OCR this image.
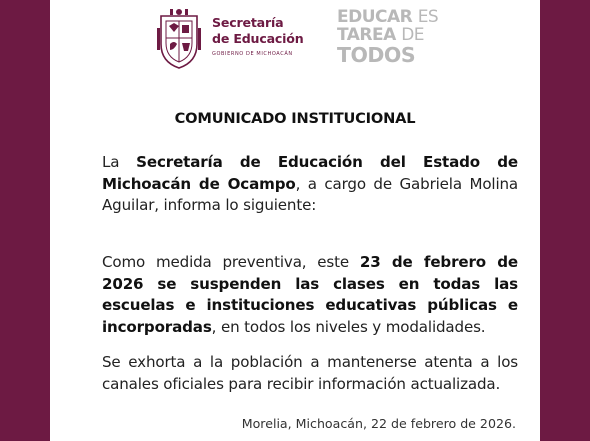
Secretaría
de Educación
GOBIERNO DE MICHOACÁN
EDUCAR ES
TAREA DE
TODOS
COMUNICADO INSTITUCIONAL
La Secretaría de Educación del Estado de Michoacán de Ocampo, a cargo de Gabriela Molina Aguilar, informa lo siguiente:
Como medida preventiva, este 23 de febrero de 2026 se suspenden las clases en todas las escuelas e instituciones educativas públicas e incorporadas, en todos los niveles y modalidades.
Se exhorta a la población a mantenerse atenta a los canales oficiales para recibir información actualizada.
Morelia, Michoacán, 22 de febrero de 2026.
